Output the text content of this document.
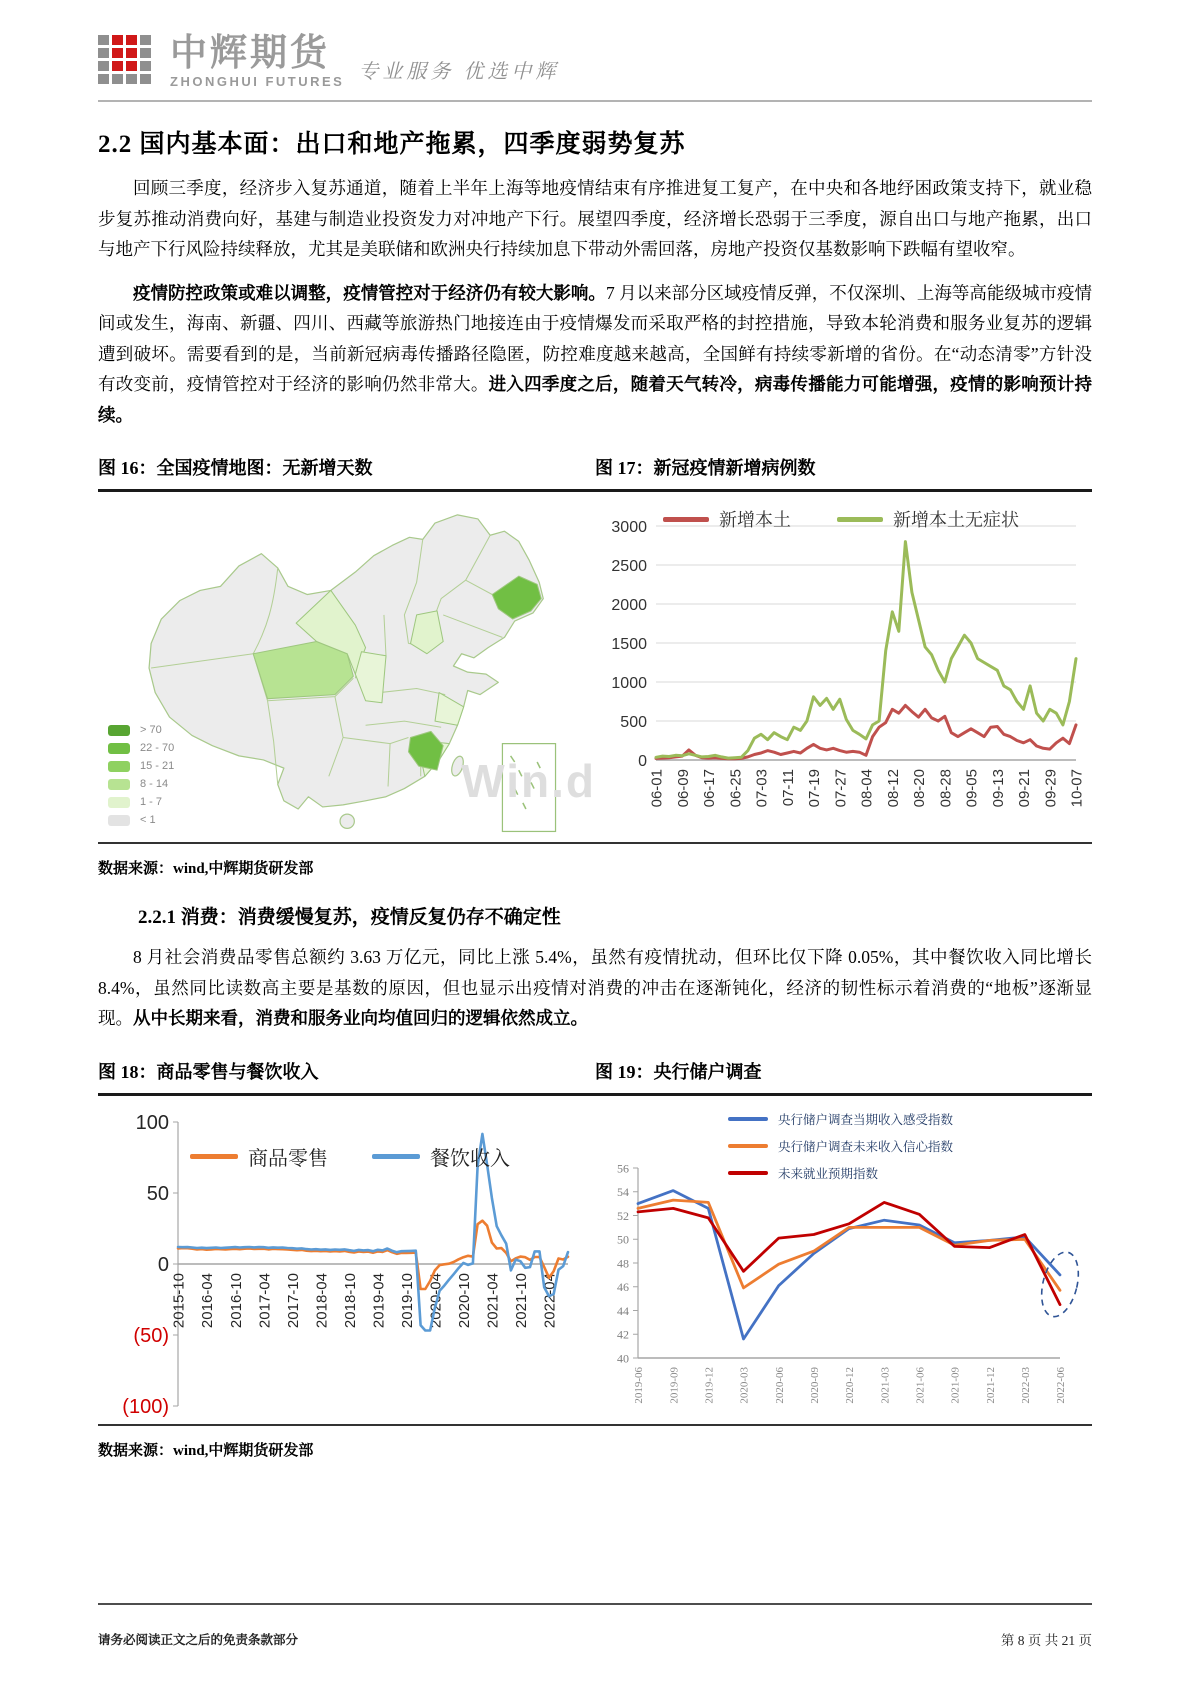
中辉期货
ZHONGHUI FUTURES 专业服务 优选中辉
2.2 国内基本面：出口和地产拖累，四季度弱势复苏

回顾三季度，经济步入复苏通道，随着上半年上海等地疫情结束有序推进复工复产，在中央和各地纾困政策支持下，就业稳步复苏推动消费向好，基建与制造业投资发力对冲地产下行。展望四季度，经济增长恐弱于三季度，源自出口与地产拖累，出口与地产下行风险持续释放，尤其是美联储和欧洲央行持续加息下带动外需回落，房地产投资仅基数影响下跌幅有望收窄。

疫情防控政策或难以调整，疫情管控对于经济仍有较大影响。7 月以来部分区域疫情反弹，不仅深圳、上海等高能级城市疫情间或发生，海南、新疆、四川、西藏等旅游热门地接连由于疫情爆发而采取严格的封控措施，导致本轮消费和服务业复苏的逻辑遭到破坏。需要看到的是，当前新冠病毒传播路径隐匿，防控难度越来越高，全国鲜有持续零新增的省份。在“动态清零”方针没有改变前，疫情管控对于经济的影响仍然非常大。进入四季度之后，随着天气转冷，病毒传播能力可能增强，疫情的影响预计持续。

图 16：全国疫情地图：无新增天数	图 17：新冠疫情新增病例数
> 70
22 - 70
15 - 21
8 - 14
1 - 7
< 1
Win.d
新增本土	新增本土无症状
0
500
1000
1500
2000
2500
3000
06-01 06-09 06-17 06-25 07-03 07-11 07-19 07-27 08-04 08-12 08-20 08-28 09-05 09-13 09-21 09-29 10-07
数据来源：wind,中辉期货研发部
2.2.1 消费：消费缓慢复苏，疫情反复仍存不确定性

8 月社会消费品零售总额约 3.63 万亿元，同比上涨 5.4%，虽然有疫情扰动，但环比仅下降 0.05%，其中餐饮收入同比增长 8.4%，虽然同比读数高主要是基数的原因，但也显示出疫情对消费的冲击在逐渐钝化，经济的韧性标示着消费的“地板”逐渐显现。从中长期来看，消费和服务业向均值回归的逻辑依然成立。

图 18：商品零售与餐饮收入	图 19：央行储户调查
商品零售	餐饮收入
100
50
0
(50)
(100)
2015-10 2016-04 2016-10 2017-04 2017-10 2018-04 2018-10 2019-04 2019-10 2020-04 2020-10 2021-04 2021-10 2022-04
央行储户调查当期收入感受指数
央行储户调查未来收入信心指数
未来就业预期指数
40
42
44
46
48
50
52
54
56
2019-06 2019-09 2019-12 2020-03 2020-06 2020-09 2020-12 2021-03 2021-06 2021-09 2021-12 2022-03 2022-06
数据来源：wind,中辉期货研发部
请务必阅读正文之后的免责条款部分	第 8 页 共 21 页
